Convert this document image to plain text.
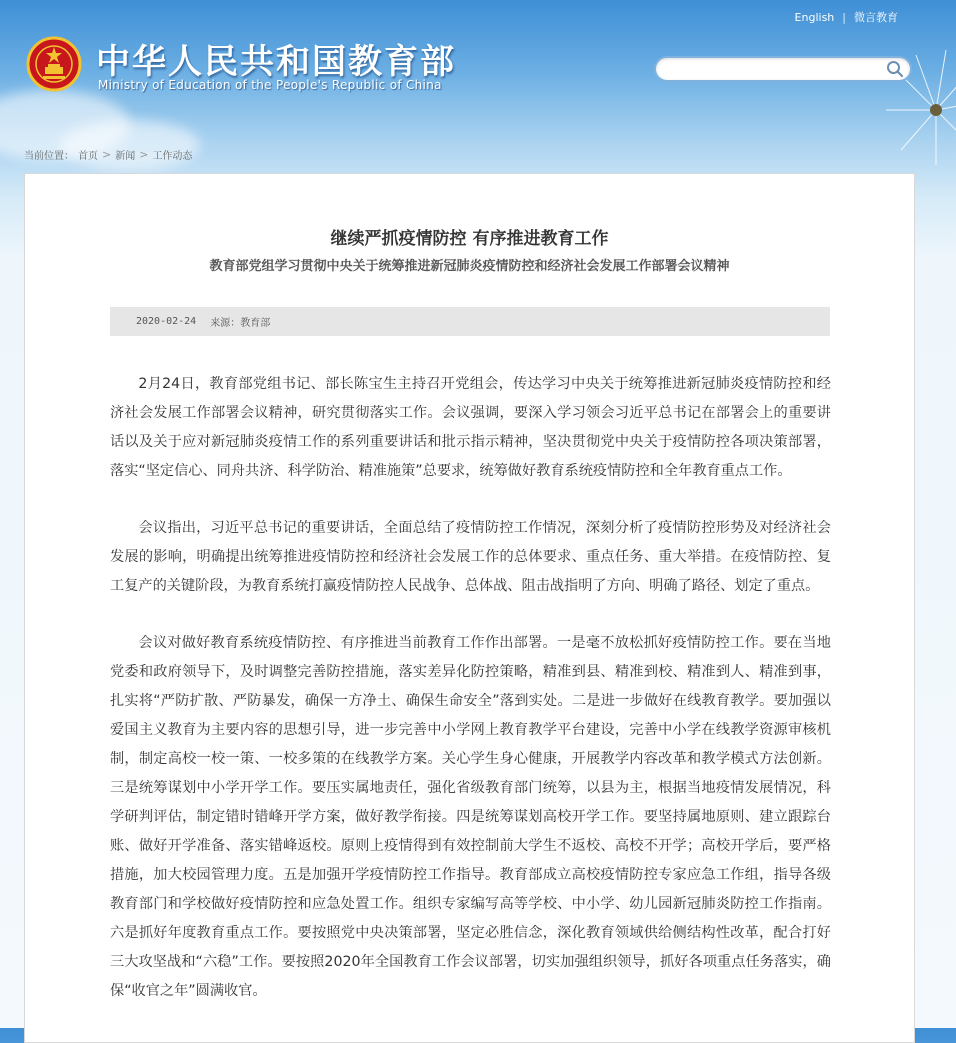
中华人民共和国教育部
Ministry of Education of the People's Republic of China
English | 微言教育
当前位置： 首页 > 新闻 > 工作动态
继续严抓疫情防控 有序推进教育工作
教育部党组学习贯彻中央关于统筹推进新冠肺炎疫情防控和经济社会发展工作部署会议精神
2020-02-24 来源：教育部

2月24日，教育部党组书记、部长陈宝生主持召开党组会，传达学习中央关于统筹推进新冠肺炎疫情防控和经济社会发展工作部署会议精神，研究贯彻落实工作。会议强调，要深入学习领会习近平总书记在部署会上的重要讲话以及关于应对新冠肺炎疫情工作的系列重要讲话和批示指示精神，坚决贯彻党中央关于疫情防控各项决策部署，落实“坚定信心、同舟共济、科学防治、精准施策”总要求，统筹做好教育系统疫情防控和全年教育重点工作。

会议指出，习近平总书记的重要讲话，全面总结了疫情防控工作情况，深刻分析了疫情防控形势及对经济社会发展的影响，明确提出统筹推进疫情防控和经济社会发展工作的总体要求、重点任务、重大举措。在疫情防控、复工复产的关键阶段，为教育系统打赢疫情防控人民战争、总体战、阻击战指明了方向、明确了路径、划定了重点。

会议对做好教育系统疫情防控、有序推进当前教育工作作出部署。一是毫不放松抓好疫情防控工作。要在当地党委和政府领导下，及时调整完善防控措施，落实差异化防控策略，精准到县、精准到校、精准到人、精准到事，扎实将“严防扩散、严防暴发，确保一方净土、确保生命安全”落到实处。二是进一步做好在线教育教学。要加强以爱国主义教育为主要内容的思想引导，进一步完善中小学网上教育教学平台建设，完善中小学在线教学资源审核机制，制定高校一校一策、一校多策的在线教学方案。关心学生身心健康，开展教学内容改革和教学模式方法创新。三是统筹谋划中小学开学工作。要压实属地责任，强化省级教育部门统筹，以县为主，根据当地疫情发展情况，科学研判评估，制定错时错峰开学方案，做好教学衔接。四是统筹谋划高校开学工作。要坚持属地原则、建立跟踪台账、做好开学准备、落实错峰返校。原则上疫情得到有效控制前大学生不返校、高校不开学；高校开学后，要严格措施，加大校园管理力度。五是加强开学疫情防控工作指导。教育部成立高校疫情防控专家应急工作组，指导各级教育部门和学校做好疫情防控和应急处置工作。组织专家编写高等学校、中小学、幼儿园新冠肺炎防控工作指南。六是抓好年度教育重点工作。要按照党中央决策部署，坚定必胜信念，深化教育领域供给侧结构性改革，配合打好三大攻坚战和“六稳”工作。要按照2020年全国教育工作会议部署，切实加强组织领导，抓好各项重点任务落实，确保“收官之年”圆满收官。
